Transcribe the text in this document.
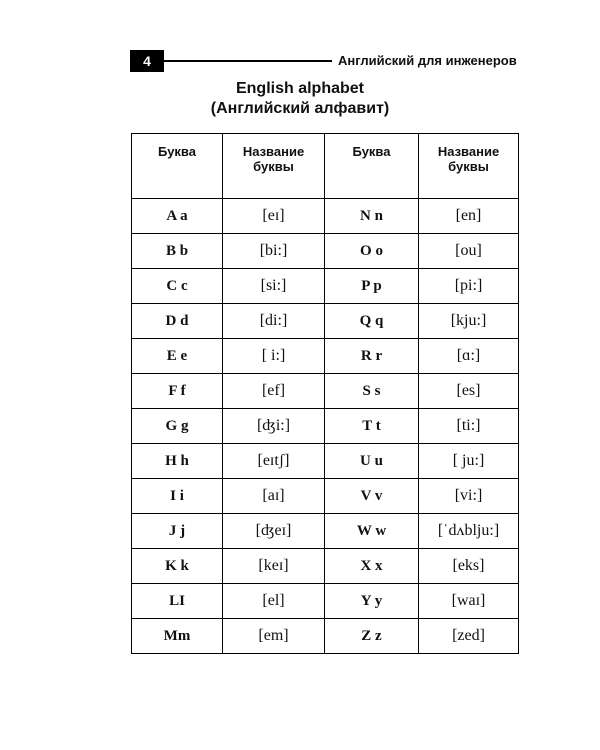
4	Английский для инженеров
English alphabet
(Английский алфавит)
Буква	Название буквы	Буква	Название буквы
A a	[eɪ]	N n	[en]
B b	[bi:]	O o	[ou]
C c	[si:]	P p	[pi:]
D d	[di:]	Q q	[kju:]
E e	[ i:]	R r	[ɑ:]
F f	[ef]	S s	[es]
G g	[ʤi:]	T t	[ti:]
H h	[eɪtʃ]	U u	[ ju:]
I i	[aɪ]	V v	[vi:]
J j	[ʤeɪ]	W w	[ˈdʌblju:]
K k	[keɪ]	X x	[eks]
LI	[el]	Y y	[waɪ]
Mm	[em]	Z z	[zed]
